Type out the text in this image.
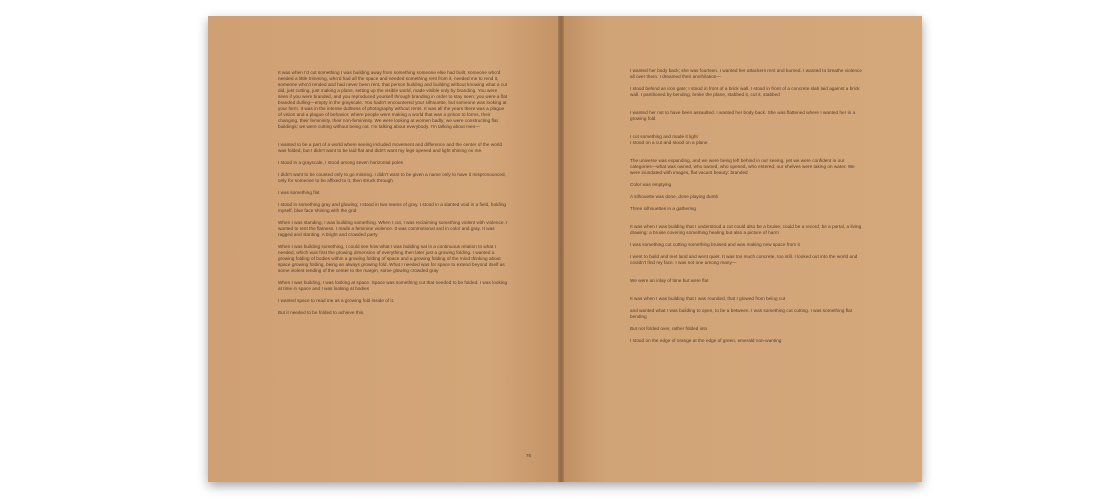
It was when I'd cut something I was building away from something someone else had built, someone who'd needed a little trimming, who'd had all the space and needed something rent from it, needed me to rend it, someone who'd rended and had never been rent, that person building and building without knowing what a cut did, just cutting, just making a plane, setting up the visible world, made visible only by branding. You were seen if you were branded, and you reproduced yourself through branding in order to stay seen; you were a flat branded dulling—empty in the grayscale. You hadn't encountered your silhouette, but someone was looking at your form. It was in the intense dullness of photography without rents. It was all the years there was a plague of vision and a plague of behavior, where people were making a world that was a prison to forms, their changing, their femininity, their non-femininity. We were looking at women badly; we were constructing flat buildings; we were cutting without being cut. I'm talking about everybody. I'm talking about men—

I wanted to be a part of a world where seeing included movement and difference and the center of the world was folded, but I didn't want to be laid flat and didn't want my legs opened and light shining on me.

I stood in a grayscale, I stood among seven horizontal poles

I didn't want to be counted only to go missing. I didn't want to be given a name only to have it mispronounced, only for someone to be affixed to it, then struck through

I was something flat

I stood in something gray and glowing; I stood in two reams of gray. I stood in a slanted void in a field, holding myself, blue face shining with the grid

When I was standing, I was building something. When I cut, I was reclaiming something violent with violence. I wanted to rent the flatness. I made a feminine violence. It was commotional and in color and gray. It was ragged and slanting. A bright and crowded party

When I was building something, I could see how what I was building sat in a continuous relation to what I needed, which was first the growing dimension of everything then later just a growing folding. I wanted a growing folding of bodies within a growing folding of space and a growing folding of the mind thinking about space growing folding, being an always growing fold. What I needed was for space to extend beyond itself as some violent rending of the center to the margin, some glowing crowded gray

When I was building, I was looking at space. Space was something cut that needed to be folded. I was looking at time in space and I was looking at bodies

I wanted space to read me as a growing fold inside of it.

But it needed to be folded to achieve this.

76

I wanted her body back; she was fourteen. I wanted her attackers rent and burned. I wanted to breathe violence all over them. I dreamed their annihilation—

I stood behind an iron gate; I stood in front of a brick wall. I stood in front of a concrete slab laid against a brick wall. I partitioned by bending, broke the plane, stabbed it, cut it, stabbed

I wanted her not to have been assaulted. I wanted her body back. She was flattened where I wanted her in a growing fold

I cut something and made it light
I stood on a cut and stood on a plane

The universe was expanding, and we were being left behind in our seeing, yet we were confident in our categories—what was owned, who owned, who opened, who entered; our shelves were taking on water. We were inundated with images, flat vacant beauty: branded

Color was emptying

A silhouette was done, done playing dumb

Three silhouettes in a gathering

It was when I was building that I understood a cut could also be a bruise; could be a record, be a portal, a living drawing: a bruise covering something healing but also a picture of harm

I was something cut cutting something bruised and was making new space from it

I went to build and met land and went quiet. It was too much concrete, too still. I looked out into the world and couldn't find my face. I was not one among many—

We were an inlay of time but were flat

It was when I was building that I was rounded, that I glowed from being cut

and wanted what I was building to open, to be a between. I was something cut cutting. I was something flat bending

But not folded over, rather folded into

I stood on the edge of orange at the edge of green, emerald non-wanting
